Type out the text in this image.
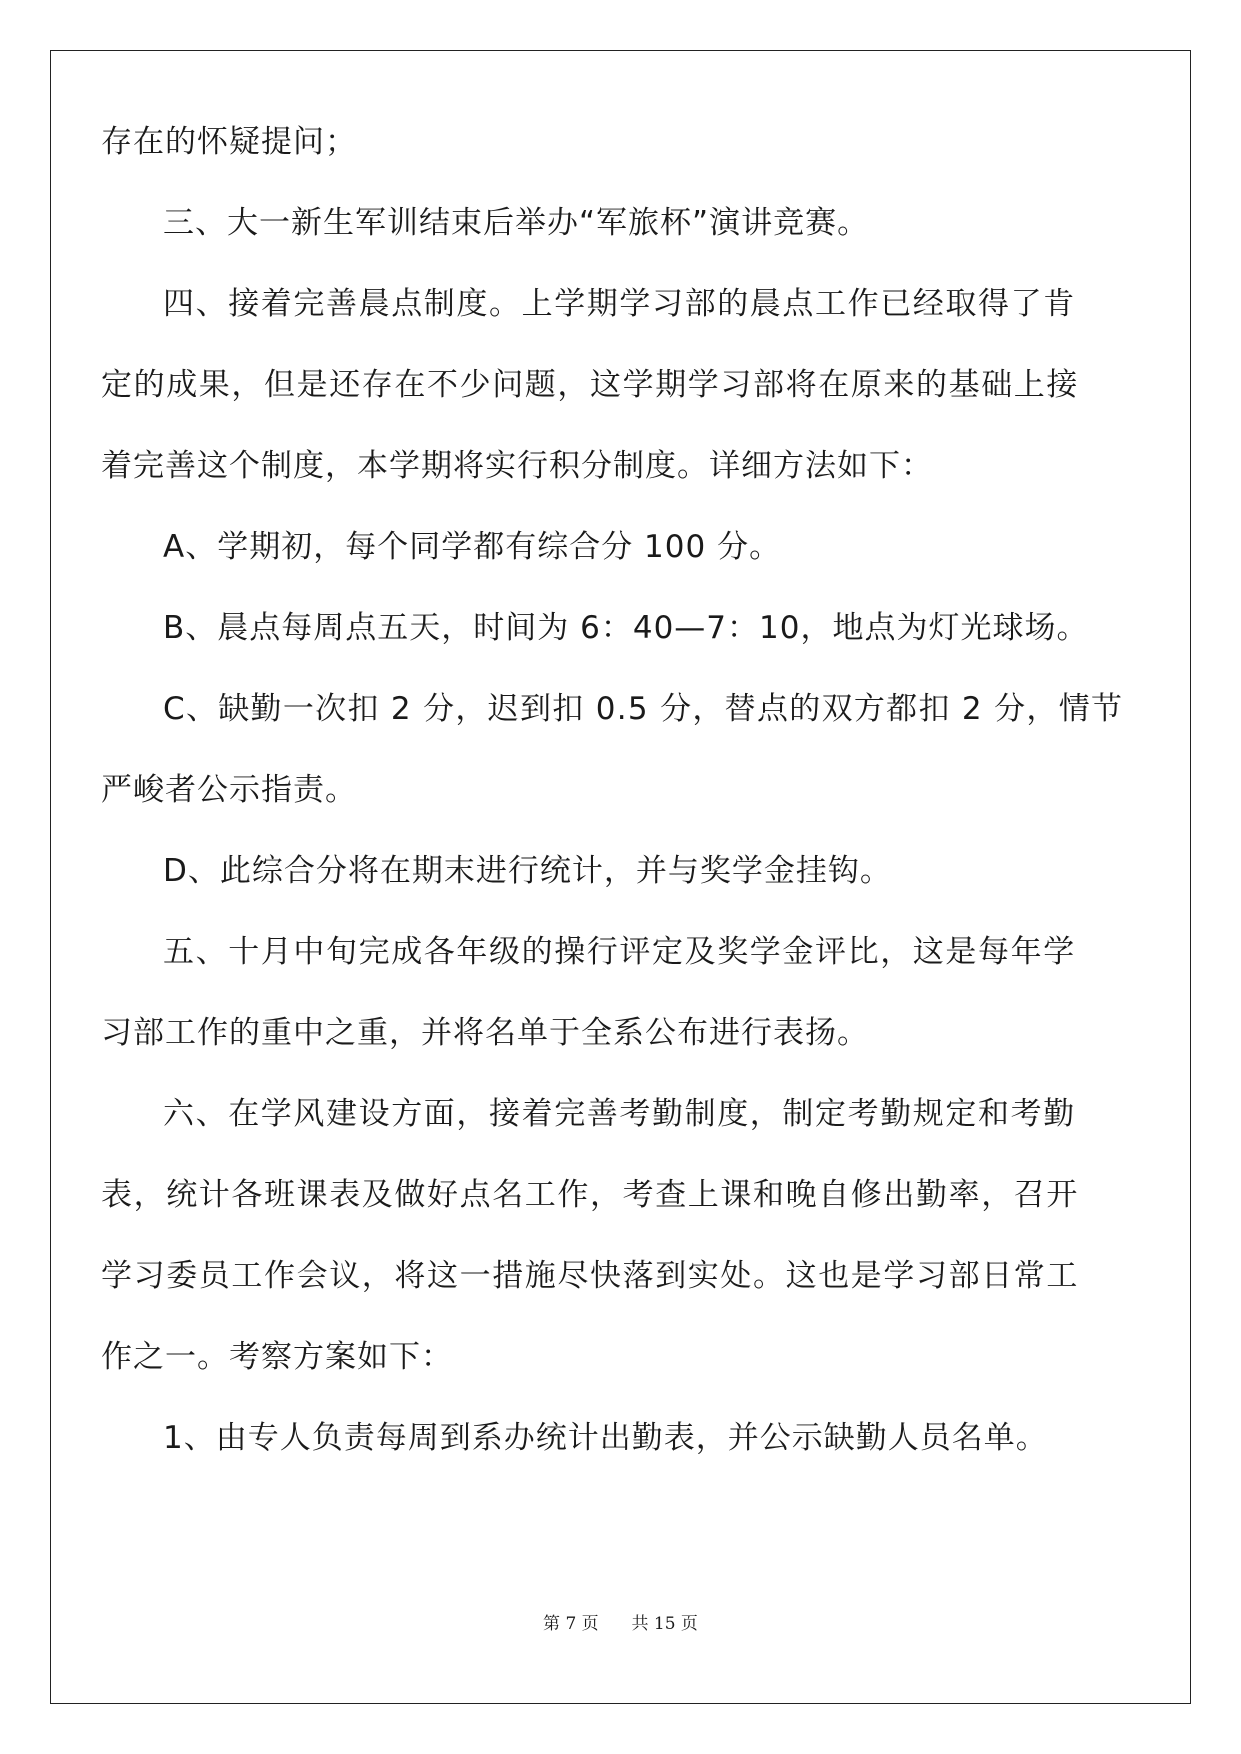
存在的怀疑提问；
三、大一新生军训结束后举办“军旅杯”演讲竞赛。
四、接着完善晨点制度。上学期学习部的晨点工作已经取得了肯
定的成果，但是还存在不少问题，这学期学习部将在原来的基础上接
着完善这个制度，本学期将实行积分制度。详细方法如下：
A、学期初，每个同学都有综合分 100 分。
B、晨点每周点五天，时间为 6：40—7：10，地点为灯光球场。
C、缺勤一次扣 2 分，迟到扣 0.5 分，替点的双方都扣 2 分，情节
严峻者公示指责。
D、此综合分将在期末进行统计，并与奖学金挂钩。
五、十月中旬完成各年级的操行评定及奖学金评比，这是每年学
习部工作的重中之重，并将名单于全系公布进行表扬。
六、在学风建设方面，接着完善考勤制度，制定考勤规定和考勤
表，统计各班课表及做好点名工作，考查上课和晚自修出勤率，召开
学习委员工作会议，将这一措施尽快落到实处。这也是学习部日常工
作之一。考察方案如下：
1、由专人负责每周到系办统计出勤表，并公示缺勤人员名单。
第 7 页 共 15 页
